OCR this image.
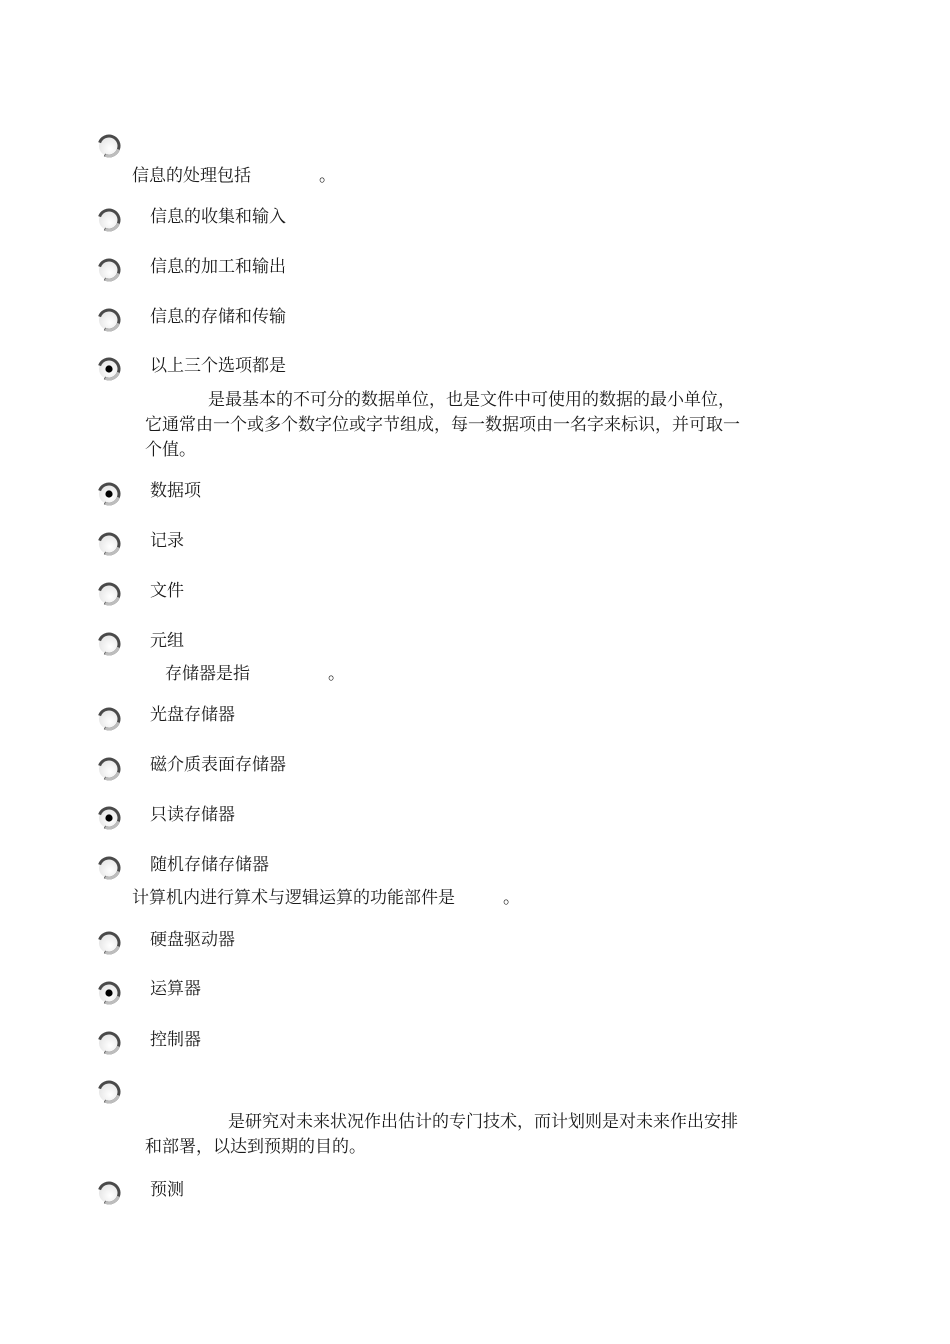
信息的处理包括	。
信息的收集和输入
信息的加工和输出
信息的存储和传输
以上三个选项都是
是最基本的不可分的数据单位，也是文件中可使用的数据的最小单位，
它通常由一个或多个数字位或字节组成，每一数据项由一名字来标识，并可取一
个值。
数据项
记录
文件
元组
存储器是指	。
光盘存储器
磁介质表面存储器
只读存储器
随机存储存储器
计算机内进行算术与逻辑运算的功能部件是	。
硬盘驱动器
运算器
控制器
是研究对未来状况作出估计的专门技术，而计划则是对未来作出安排
和部署，以达到预期的目的。
预测
